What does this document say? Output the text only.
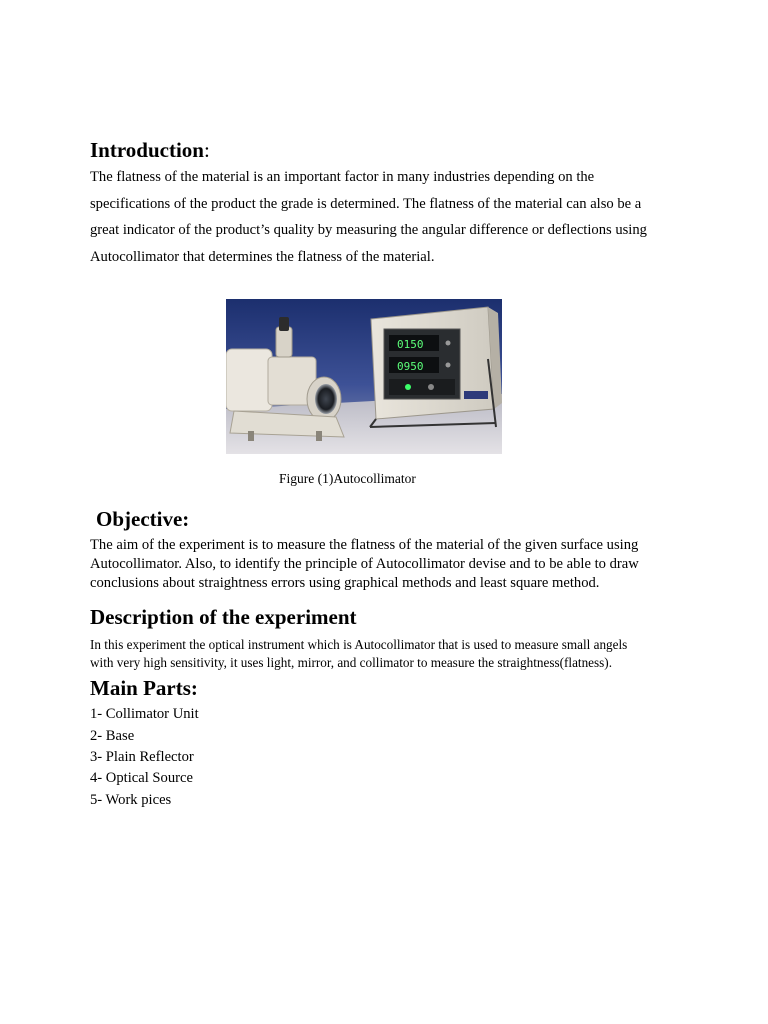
Introduction:
The flatness of the material is an important factor in many industries depending on the
specifications of the product the grade is determined. The flatness of the material can also be a
great indicator of the product’s quality by measuring the angular difference or deflections using
Autocollimator that determines the flatness of the material.
0150
0950
Figure (1)Autocollimator
Objective:
The aim of the experiment is to measure the flatness of the material of the given surface using
Autocollimator. Also, to identify the principle of Autocollimator devise and to be able to draw
conclusions about straightness errors using graphical methods and least square method.
Description of the experiment
In this experiment the optical instrument which is Autocollimator that is used to measure small angels
with very high sensitivity, it uses light, mirror, and collimator to measure the straightness(flatness).
Main Parts:
1- Collimator Unit
2- Base
3- Plain Reflector
4- Optical Source
5- Work pices
